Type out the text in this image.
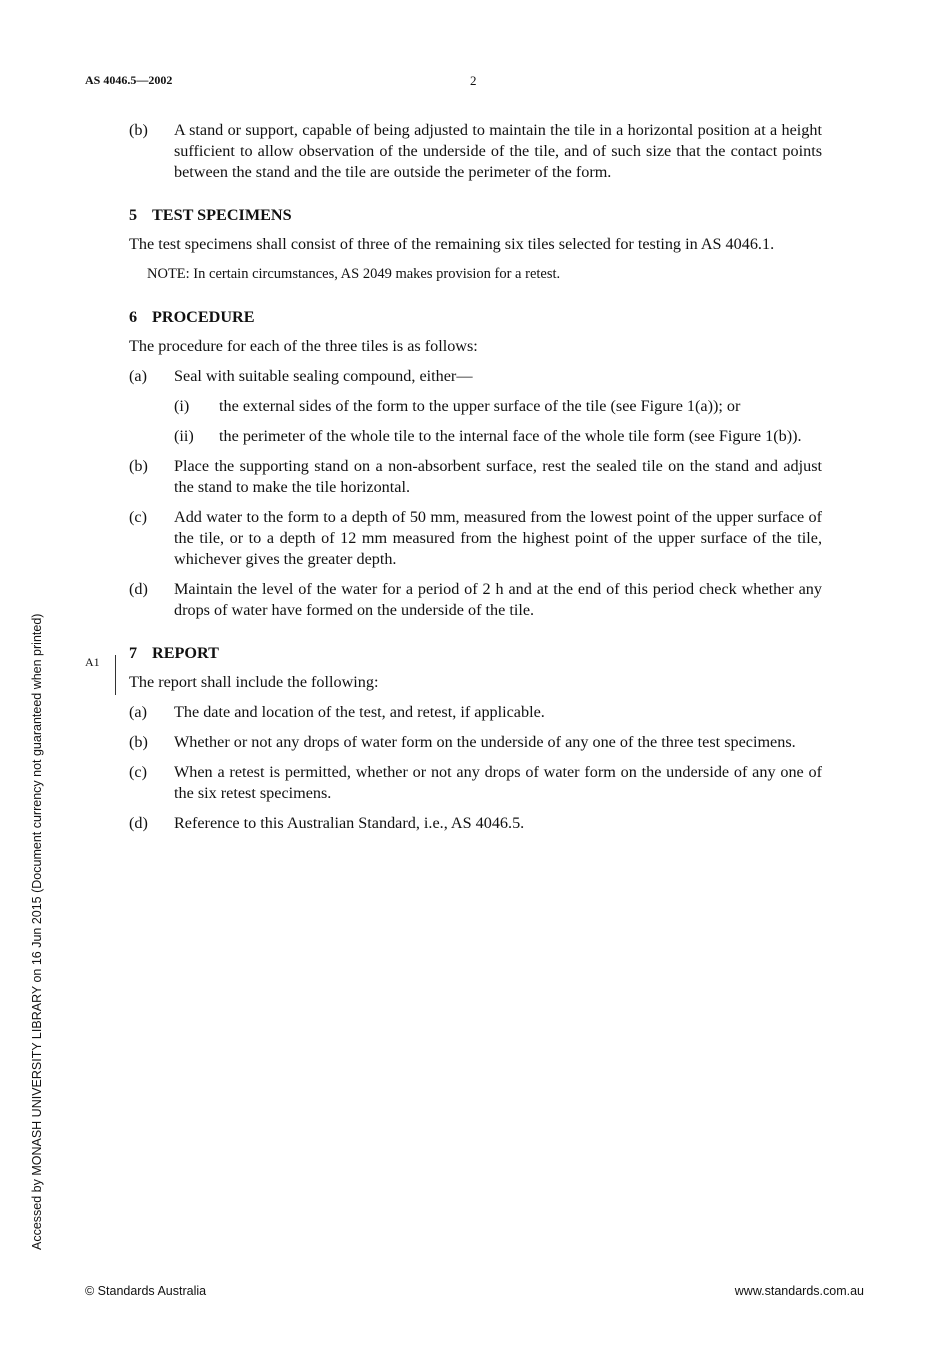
AS 4046.5—2002	2
(b)	A stand or support, capable of being adjusted to maintain the tile in a horizontal position at a height sufficient to allow observation of the underside of the tile, and of such size that the contact points between the stand and the tile are outside the perimeter of the form.
5 TEST SPECIMENS
The test specimens shall consist of three of the remaining six tiles selected for testing in AS 4046.1.
NOTE: In certain circumstances, AS 2049 makes provision for a retest.
6 PROCEDURE
The procedure for each of the three tiles is as follows:
(a)	Seal with suitable sealing compound, either—
(i)	the external sides of the form to the upper surface of the tile (see Figure 1(a)); or
(ii)	the perimeter of the whole tile to the internal face of the whole tile form (see Figure 1(b)).
(b)	Place the supporting stand on a non-absorbent surface, rest the sealed tile on the stand and adjust the stand to make the tile horizontal.
(c)	Add water to the form to a depth of 50 mm, measured from the lowest point of the upper surface of the tile, or to a depth of 12 mm measured from the highest point of the upper surface of the tile, whichever gives the greater depth.
(d)	Maintain the level of the water for a period of 2 h and at the end of this period check whether any drops of water have formed on the underside of the tile.
7 REPORT
The report shall include the following:
(a)	The date and location of the test, and retest, if applicable.
(b)	Whether or not any drops of water form on the underside of any one of the three test specimens.
(c)	When a retest is permitted, whether or not any drops of water form on the underside of any one of the six retest specimens.
(d)	Reference to this Australian Standard, i.e., AS 4046.5.
A1
Accessed by MONASH UNIVERSITY LIBRARY on 16 Jun 2015 (Document currency not guaranteed when printed)
© Standards Australia	www.standards.com.au
